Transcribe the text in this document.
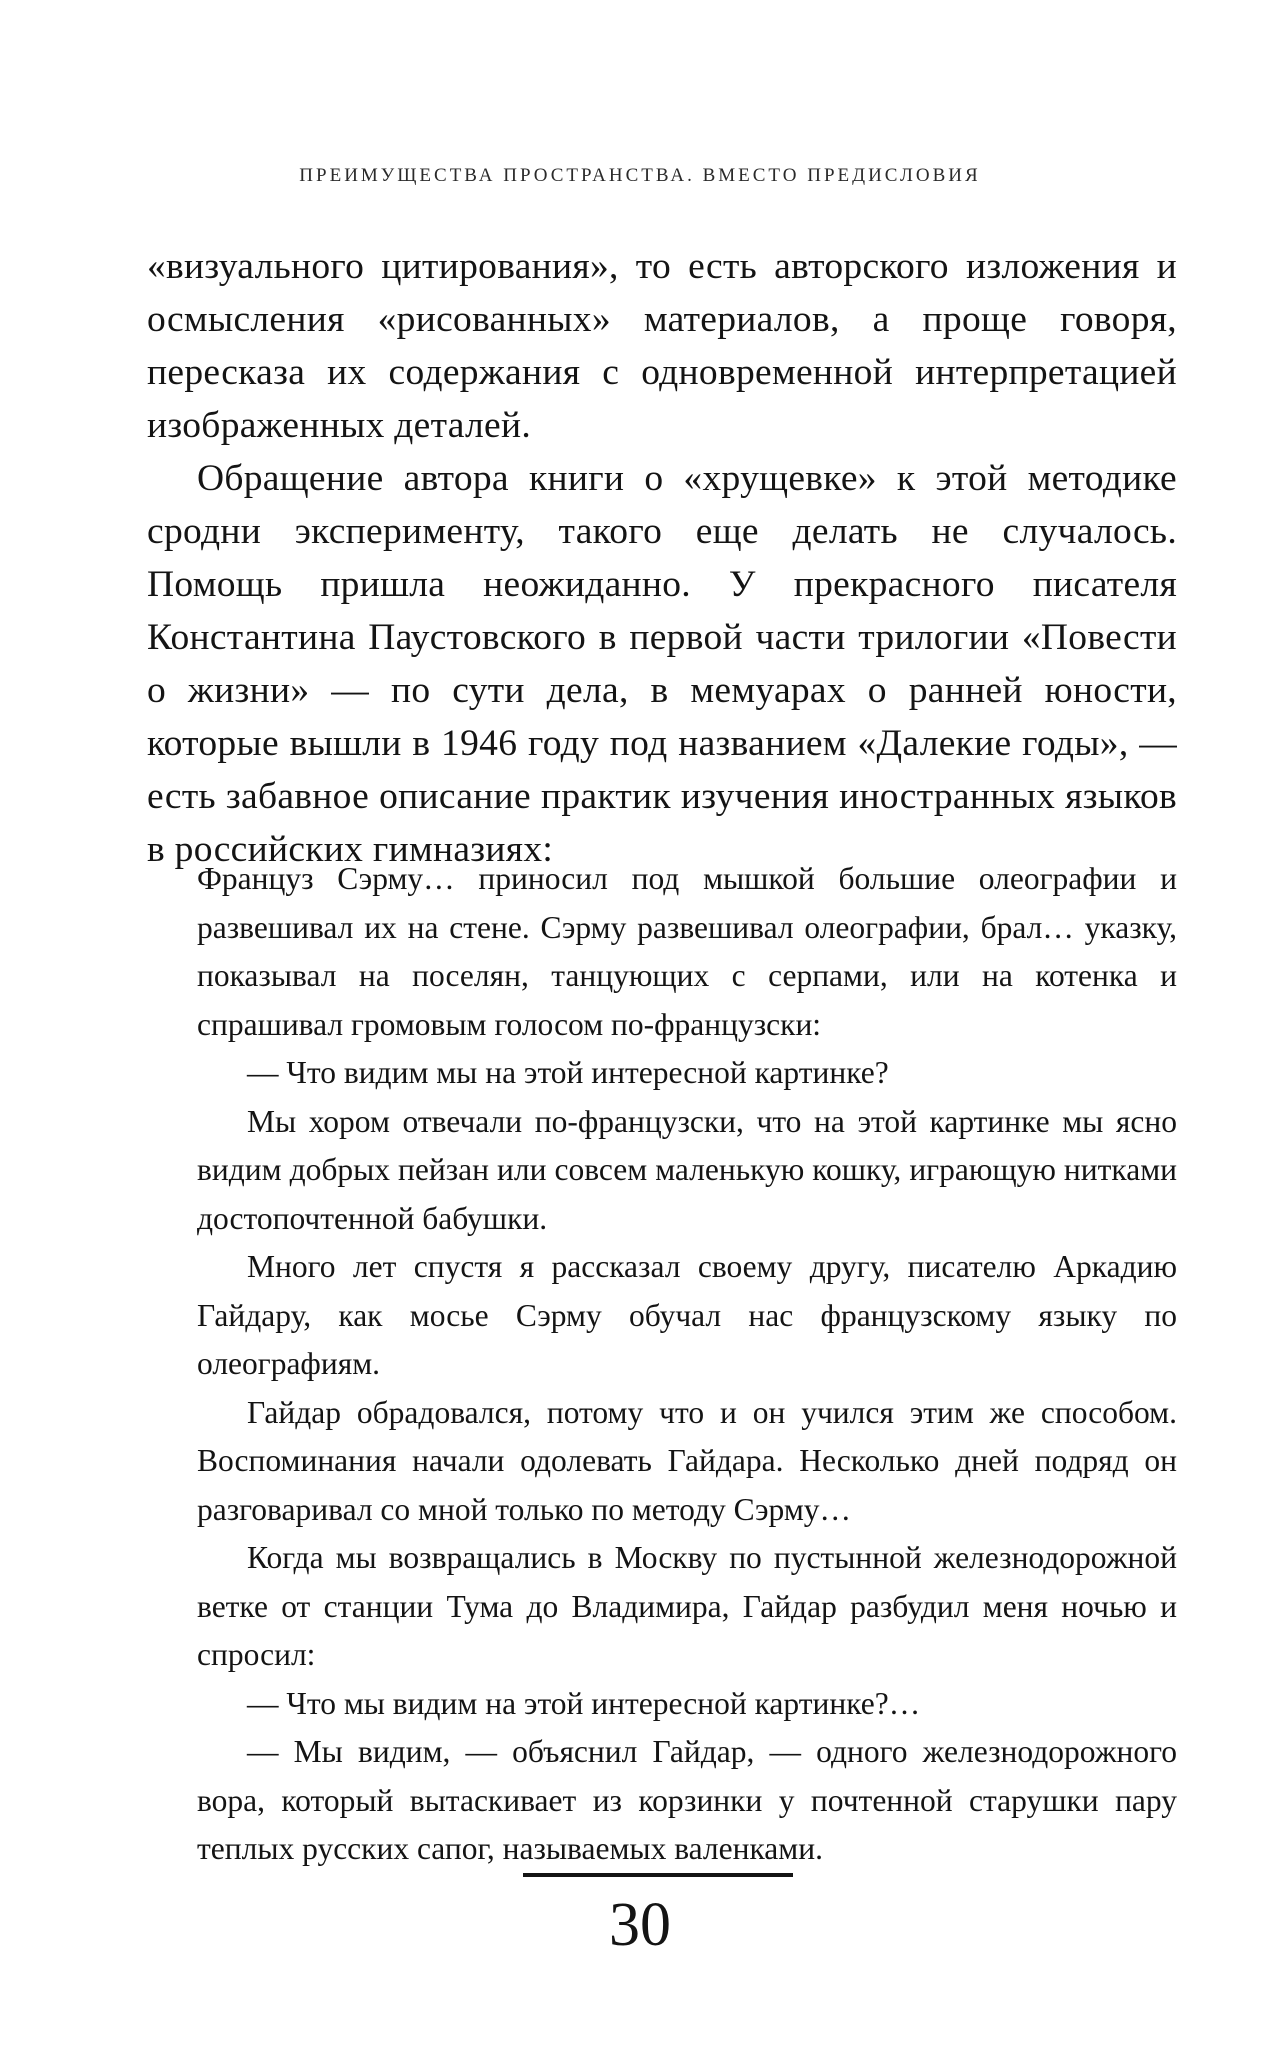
ПРЕИМУЩЕСТВА ПРОСТРАНСТВА. ВМЕСТО ПРЕДИСЛОВИЯ

«визуального цитирования», то есть авторского изложения и осмысления «рисованных» материалов, а проще говоря, пересказа их содержания с одновременной интерпретацией изображенных деталей.

Обращение автора книги о «хрущевке» к этой методике сродни эксперименту, такого еще делать не случалось. Помощь пришла неожиданно. У прекрасного писателя Константина Паустовского в первой части трилогии «Повести о жизни» — по сути дела, в мемуарах о ранней юности, которые вышли в 1946 году под названием «Далекие годы», — есть забавное описание практик изучения иностранных языков в российских гимназиях:

Француз Сэрму… приносил под мышкой большие олеографии и развешивал их на стене. Сэрму развешивал олеографии, брал… указку, показывал на поселян, танцующих с серпами, или на котенка и спрашивал громовым голосом по-французски:

— Что видим мы на этой интересной картинке?

Мы хором отвечали по-французски, что на этой картинке мы ясно видим добрых пейзан или совсем маленькую кошку, играющую нитками достопочтенной бабушки.

Много лет спустя я рассказал своему другу, писателю Аркадию Гайдару, как мосье Сэрму обучал нас французскому языку по олеографиям.

Гайдар обрадовался, потому что и он учился этим же способом. Воспоминания начали одолевать Гайдара. Несколько дней подряд он разговаривал со мной только по методу Сэрму…

Когда мы возвращались в Москву по пустынной железнодорожной ветке от станции Тума до Владимира, Гайдар разбудил меня ночью и спросил:

— Что мы видим на этой интересной картинке?…

— Мы видим, — объяснил Гайдар, — одного железнодорожного вора, который вытаскивает из корзинки у почтенной старушки пару теплых русских сапог, называемых валенками.

30
